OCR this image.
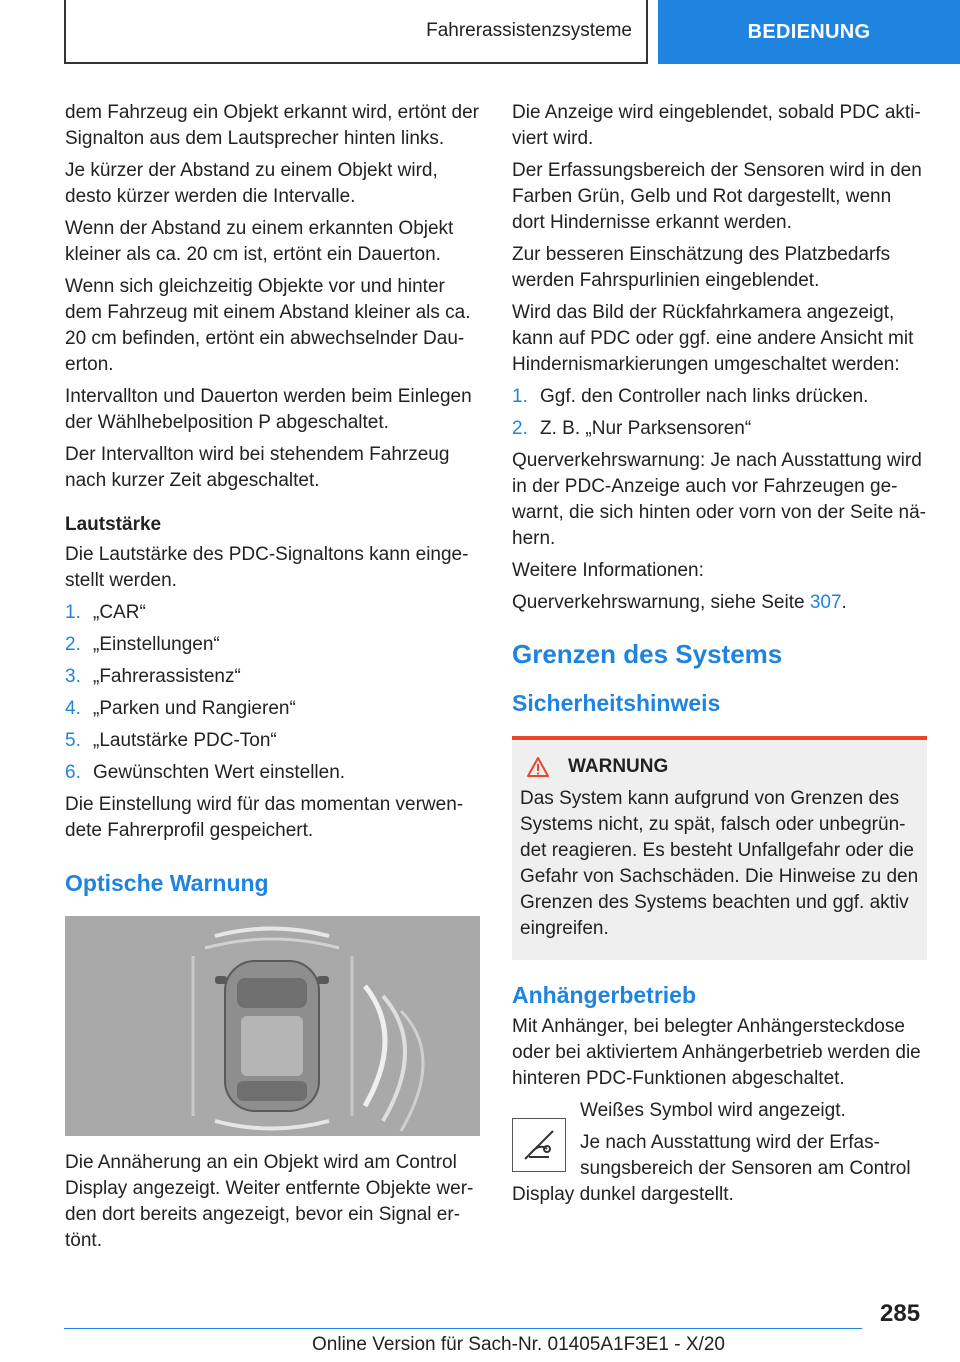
Fahrerassistenzsysteme	BEDIENUNG

dem Fahrzeug ein Objekt erkannt wird, ertönt der Signalton aus dem Lautsprecher hinten links.

Je kürzer der Abstand zu einem Objekt wird, desto kürzer werden die Intervalle.

Wenn der Abstand zu einem erkannten Objekt kleiner als ca. 20 cm ist, ertönt ein Dauerton.

Wenn sich gleichzeitig Objekte vor und hinter dem Fahrzeug mit einem Abstand kleiner als ca. 20 cm befinden, ertönt ein abwechselnder Dau‐erton.

Intervallton und Dauerton werden beim Einlegen der Wählhebelposition P abgeschaltet.

Der Intervallton wird bei stehendem Fahrzeug nach kurzer Zeit abgeschaltet.

Lautstärke

Die Lautstärke des PDC-Signaltons kann einge‐stellt werden.

1. „CAR“
2. „Einstellungen“
3. „Fahrerassistenz“
4. „Parken und Rangieren“
5. „Lautstärke PDC-Ton“
6. Gewünschten Wert einstellen.

Die Einstellung wird für das momentan verwen‐dete Fahrerprofil gespeichert.

Optische Warnung

Die Annäherung an ein Objekt wird am Control Display angezeigt. Weiter entfernte Objekte wer‐den dort bereits angezeigt, bevor ein Signal er‐tönt.

Die Anzeige wird eingeblendet, sobald PDC akti‐viert wird.

Der Erfassungsbereich der Sensoren wird in den Farben Grün, Gelb und Rot dargestellt, wenn dort Hindernisse erkannt werden.

Zur besseren Einschätzung des Platzbedarfs werden Fahrspurlinien eingeblendet.

Wird das Bild der Rückfahrkamera angezeigt, kann auf PDC oder ggf. eine andere Ansicht mit Hindernismarkierungen umgeschaltet werden:

1. Ggf. den Controller nach links drücken.
2. Z. B. „Nur Parksensoren“

Querverkehrswarnung: Je nach Ausstattung wird in der PDC-Anzeige auch vor Fahrzeugen ge‐warnt, die sich hinten oder vorn von der Seite nä‐hern.

Weitere Informationen:

Querverkehrswarnung, siehe Seite 307.

Grenzen des Systems
Sicherheitshinweis
WARNUNG

Das System kann aufgrund von Grenzen des Systems nicht, zu spät, falsch oder unbegrün‐det reagieren. Es besteht Unfallgefahr oder die Gefahr von Sachschäden. Die Hinweise zu den Grenzen des Systems beachten und ggf. aktiv eingreifen.

Anhängerbetrieb

Mit Anhänger, bei belegter Anhängersteckdose oder bei aktiviertem Anhängerbetrieb werden die hinteren PDC-Funktionen abgeschaltet.

Weißes Symbol wird angezeigt.

Je nach Ausstattung wird der Erfas‐sungsbereich der Sensoren am Control

Display dunkel dargestellt.

285
Online Version für Sach-Nr. 01405A1F3E1 - X/20
